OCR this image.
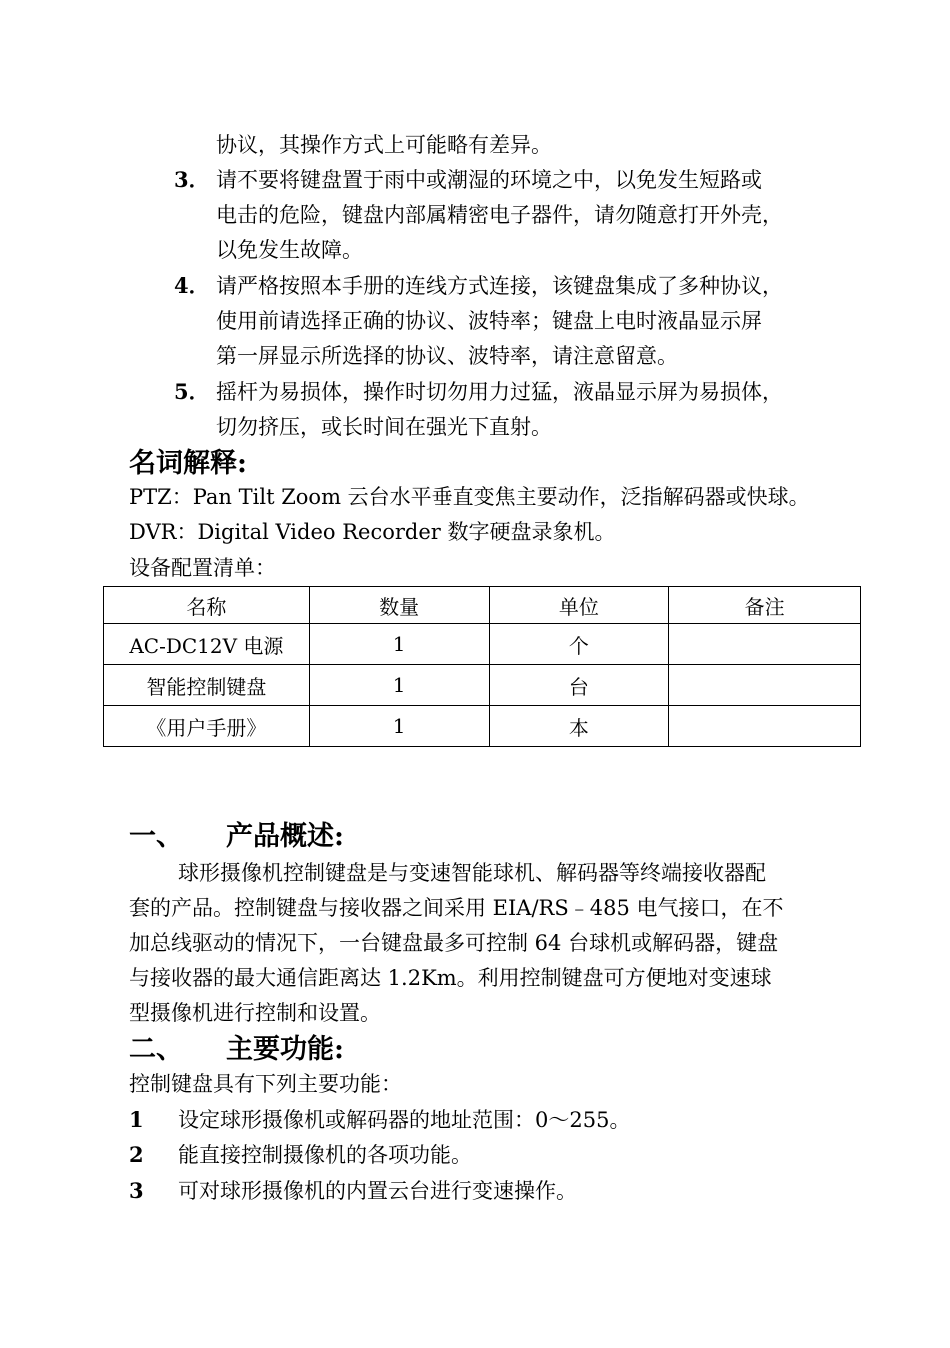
协议，其操作方式上可能略有差异。
3． 请不要将键盘置于雨中或潮湿的环境之中，以免发生短路或
电击的危险，键盘内部属精密电子器件，请勿随意打开外壳，
以免发生故障。
4． 请严格按照本手册的连线方式连接，该键盘集成了多种协议，
使用前请选择正确的协议、波特率；键盘上电时液晶显示屏
第一屏显示所选择的协议、波特率，请注意留意。
5． 摇杆为易损体，操作时切勿用力过猛，液晶显示屏为易损体，
切勿挤压，或长时间在强光下直射。
名词解释:
PTZ：Pan Tilt Zoom 云台水平垂直变焦主要动作，泛指解码器或快球。
DVR：Digital Video Recorder 数字硬盘录象机。
设备配置清单：
名称	数量	单位	备注
AC-DC12V 电源	1	个	
智能控制键盘	1	台	
《用户手册》	1	本	
一、 产品概述:
球形摄像机控制键盘是与变速智能球机、解码器等终端接收器配
套的产品。控制键盘与接收器之间采用 EIA/RS﹣485 电气接口，在不
加总线驱动的情况下，一台键盘最多可控制 64 台球机或解码器，键盘
与接收器的最大通信距离达 1.2Km。利用控制键盘可方便地对变速球
型摄像机进行控制和设置。
二、 主要功能:
控制键盘具有下列主要功能：
1 设定球形摄像机或解码器的地址范围：0～255。
2 能直接控制摄像机的各项功能。
3 可对球形摄像机的内置云台进行变速操作。
